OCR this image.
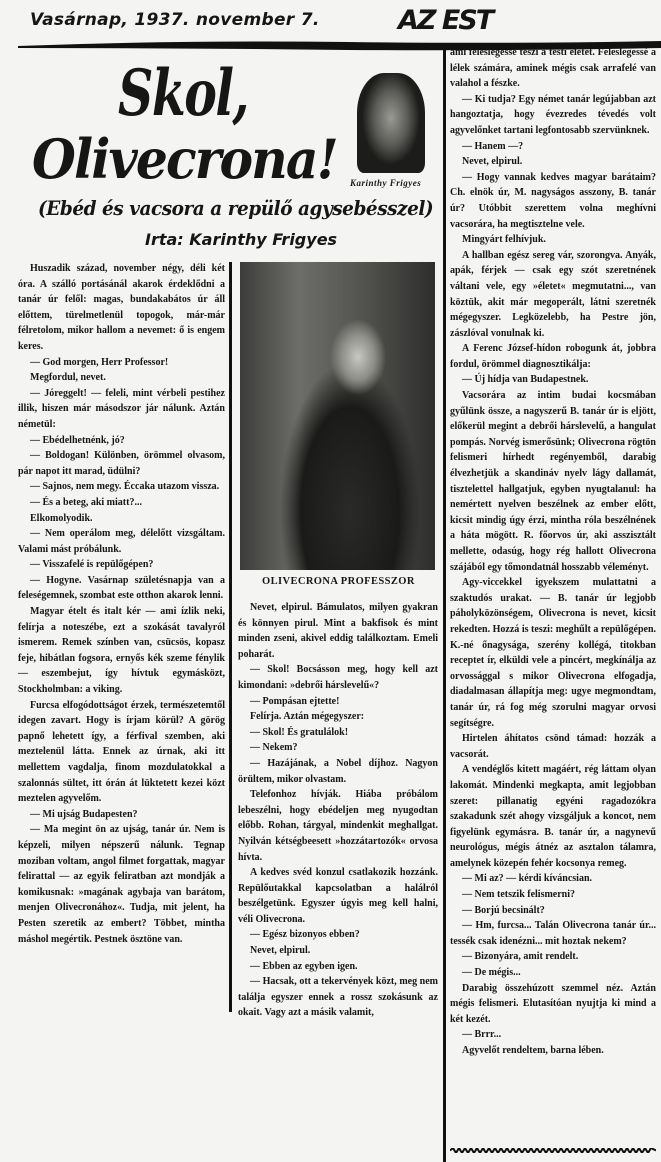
Vasárnap, 1937. november 7.	AZ EST
Skol,
Olivecrona!
(Ebéd és vacsora a repülő agysebésszel)
Irta: Karinthy Frigyes
Karinthy Frigyes
OLIVECRONA PROFESSZOR

Huszadik század, november négy, déli két óra. A szálló portásánál akarok érdeklődni a tanár úr felől: magas, bundakabátos úr áll előttem, türelmetlenül topogok, már-már félretolom, mikor hallom a nevemet: ő is engem keres.

— God morgen, Herr Professor!

Megfordul, nevet.

— Jóreggelt! — feleli, mint vérbeli pestihez illik, hiszen már másodszor jár nálunk. Aztán németül:

— Ebédelhetnénk, jó?

— Boldogan! Különben, örömmel olvasom, pár napot itt marad, üdülni?

— Sajnos, nem megy. Éccaka utazom vissza.

— És a beteg, aki miatt?...

Elkomolyodik.

— Nem operálom meg, délelőtt vizsgáltam. Valami mást próbálunk.

— Visszafelé is repülőgépen?

— Hogyne. Vasárnap születésnapja van a feleségemnek, szombat este otthon akarok lenni.

Magyar ételt és italt kér — ami ízlik neki, felírja a noteszébe, ezt a szokását tavalyról ismerem. Remek színben van, csücsös, kopasz feje, hibátlan fogsora, ernyős kék szeme fénylik — eszembejut, így hívtuk egymásközt, Stockholmban: a viking.

Furcsa elfogódottságot érzek, természetemtől idegen zavart. Hogy is írjam körül? A görög papnő lehetett így, a férfival szemben, aki meztelenül látta. Ennek az úrnak, aki itt mellettem vagdalja, finom mozdulatokkal a szalonnás sültet, itt órán át lüktetett kezei közt meztelen agyvelőm.

— Mi ujság Budapesten?

— Ma megint ön az ujság, tanár úr. Nem is képzeli, milyen népszerű nálunk. Tegnap moziban voltam, angol filmet forgattak, magyar felirattal — az egyik feliratban azt mondják a komikusnak: »magának agybaja van barátom, menjen Olivecronához«. Tudja, mit jelent, ha Pesten szeretik az embert? Többet, mintha máshol megértik. Pestnek ösztöne van.

Nevet, elpirul. Bámulatos, milyen gyakran és könnyen pirul. Mint a bakfisok és mint minden zseni, akivel eddig találkoztam. Emeli poharát.

— Skol! Bocsásson meg, hogy kell azt kimondani: »debrői hárslevelű«?

— Pompásan ejtette!

Felírja. Aztán mégegyszer:

— Skol! És gratulálok!

— Nekem?

— Hazájának, a Nobel díjhoz. Nagyon örültem, mikor olvastam.

Telefonhoz hívják. Hiába próbálom lebeszélni, hogy ebédeljen meg nyugodtan előbb. Rohan, tárgyal, mindenkit meghallgat. Nyilván kétségbeesett »hozzátartozók« orvosa hívta.

A kedves svéd konzul csatlakozik hozzánk. Repülőutakkal kapcsolatban a halálról beszélgetünk. Egyszer úgyis meg kell halni, véli Olivecrona.

— Egész bizonyos ebben?

Nevet, elpirul.

— Ebben az egyben igen.

— Hacsak, ott a tekervények közt, meg nem találja egyszer ennek a rossz szokásunk az okait. Vagy azt a másik valamit,

ami feleslegessé teszi a testi életet. Feleslegessé a lélek számára, aminek mégis csak arrafelé van valahol a fészke.

— Ki tudja? Egy német tanár legújabban azt hangoztatja, hogy évezredes tévedés volt agyvelőnket tartani legfontosabb szervünknek.

— Hanem —?

Nevet, elpirul.

— Hogy vannak kedves magyar barátaim? Ch. elnök úr, M. nagyságos asszony, B. tanár úr? Utóbbit szerettem volna meghívni vacsorára, ha megtisztelne vele.

Mingyárt felhívjuk.

A hallban egész sereg vár, szorongva. Anyák, apák, férjek — csak egy szót szeretnének váltani vele, egy »életet« megmutatni..., van köztük, akit már megoperált, látni szeretnék mégegyszer. Legközelebb, ha Pestre jön, zászlóval vonulnak ki.

A Ferenc József-hídon robogunk át, jobbra fordul, örömmel diagnosztikálja:

— Új hídja van Budapestnek.

Vacsorára az intim budai kocsmában gyűlünk össze, a nagyszerű B. tanár úr is eljött, előkerül megint a debrői hárslevelű, a hangulat pompás. Norvég ismerősünk; Olivecrona rögtön felismeri hírhedt regényemből, darabig élvezhetjük a skandináv nyelv lágy dallamát, tisztelettel hallgatjuk, egyben nyugtalanul: ha nemértett nyelven beszélnek az ember előtt, kicsit mindig úgy érzi, mintha róla beszélnének a háta mögött. R. főorvos úr, aki asszisztált mellette, odasúg, hogy rég hallott Olivecrona szájából egy tőmondatnál hosszabb véleményt.

Agy-viccekkel igyekszem mulattatni a szaktudós urakat. — B. tanár úr legjobb páholyközönségem, Olivecrona is nevet, kicsit rekedten. Hozzá is teszi: meghűlt a repülőgépen. K.-né őnagysága, szerény kollégá, titokban receptet ír, elküldi vele a pincért, megkínálja az orvossággal s mikor Olivecrona elfogadja, diadalmasan állapítja meg: ugye megmondtam, tanár úr, rá fog még szorulni magyar orvosi segítségre.

Hirtelen áhítatos csönd támad: hozzák a vacsorát.

A vendéglős kitett magáért, rég láttam olyan lakomát. Mindenki megkapta, amit legjobban szeret: pillanatig egyéni ragadozókra szakadunk szét ahogy vizsgáljuk a koncot, nem figyelünk egymásra. B. tanár úr, a nagynevű neurológus, mégis átnéz az asztalon tálamra, amelynek közepén fehér kocsonya remeg.

— Mi az? — kérdi kíváncsian.

— Nem tetszik felismerni?

— Borjú becsinált?

— Hm, furcsa... Talán Olivecrona tanár úr... tessék csak idenézni... mit hoztak nekem?

— Bizonyára, amit rendelt.

— De mégis...

Darabig összehúzott szemmel néz. Aztán mégis felismeri. Elutasítóan nyujtja ki mind a két kezét.

— Brrr...

Agyvelőt rendeltem, barna lében.
